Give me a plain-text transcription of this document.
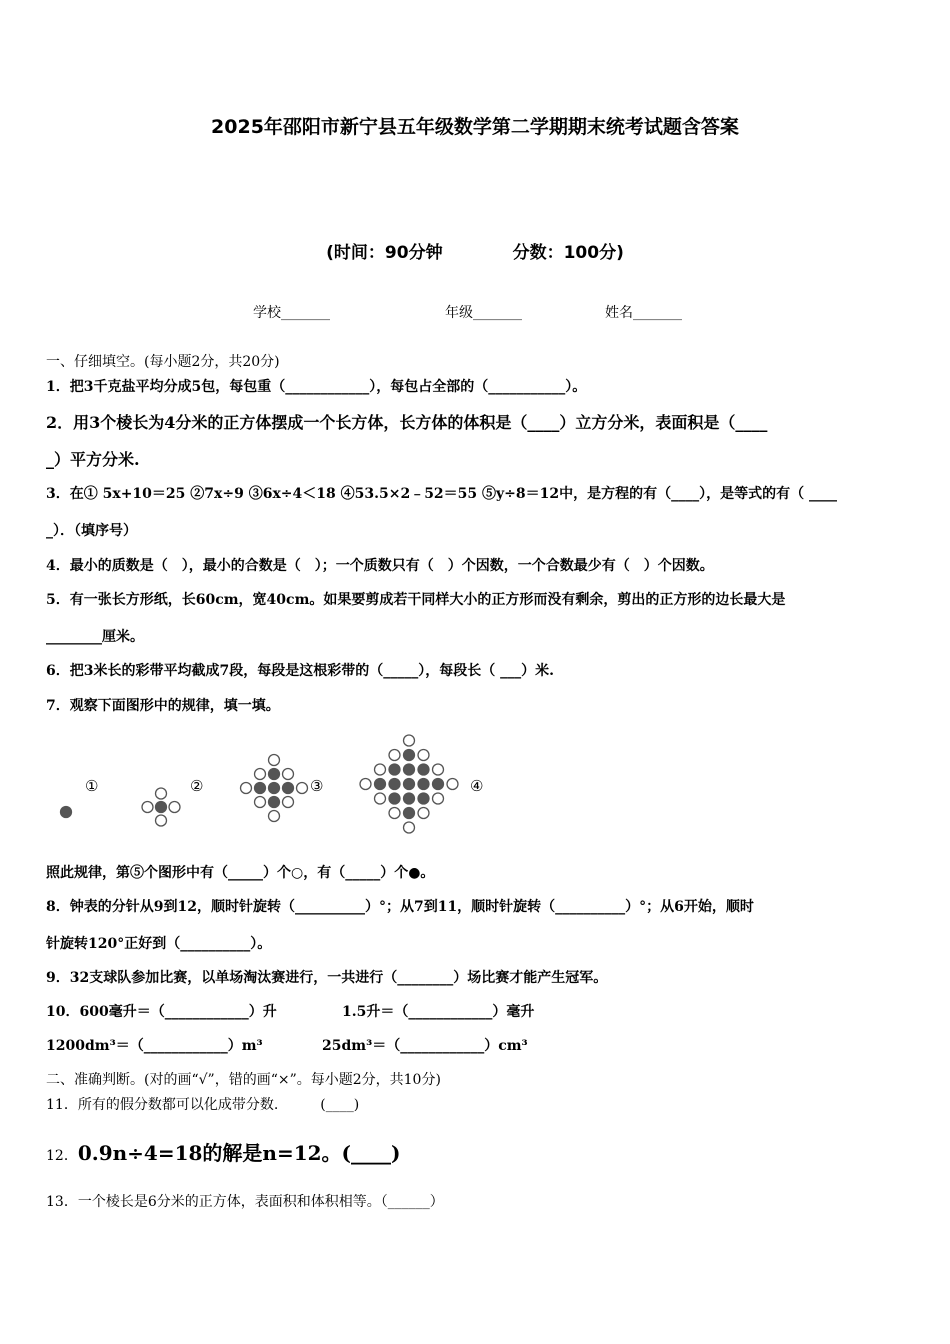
2025年邵阳市新宁县五年级数学第二学期期末统考试题含答案
(时间：90分钟	分数：100分)
学校_______	年级_______	姓名_______
一、仔细填空。(每小题2分，共20分)
1．把3千克盐平均分成5包，每包重（____________），每包占全部的（___________）。
2．用3个棱长为4分米的正方体摆成一个长方体，长方体的体积是（____）立方分米，表面积是（____
_）平方分米.
3．在① 5x+10＝25 ②7x÷9 ③6x÷4＜18 ④53.5×2﹣52＝55 ⑤y÷8＝12中，是方程的有（____），是等式的有（ ____
_）．（填序号）
4．最小的质数是（　），最小的合数是（　）；一个质数只有（　）个因数，一个合数最少有（　）个因数。
5．有一张长方形纸，长60cm，宽40cm。如果要剪成若干同样大小的正方形而没有剩余，剪出的正方形的边长最大是
________厘米。
6．把3米长的彩带平均截成7段，每段是这根彩带的（_____），每段长（ ___）米.
7．观察下面图形中的规律，填一填。
①	②	③	④
照此规律，第⑤个图形中有（_____）个○，有（_____）个●。
8．钟表的分针从9到12，顺时针旋转（__________）°；从7到11，顺时针旋转（__________）°；从6开始，顺时
针旋转120°正好到（__________）。
9．32支球队参加比赛，以单场淘汰赛进行，一共进行（________）场比赛才能产生冠军。
10．600毫升＝（____________）升	1.5升＝（____________）毫升
1200dm³＝（____________）m³	25dm³＝（____________）cm³
二、准确判断。(对的画“√”，错的画“×”。每小题2分，共10分)
11．所有的假分数都可以化成带分数.　　　(____)
12．0.9n÷4=18的解是n=12。(____)
13．一个棱长是6分米的正方体，表面积和体积相等。（______）
